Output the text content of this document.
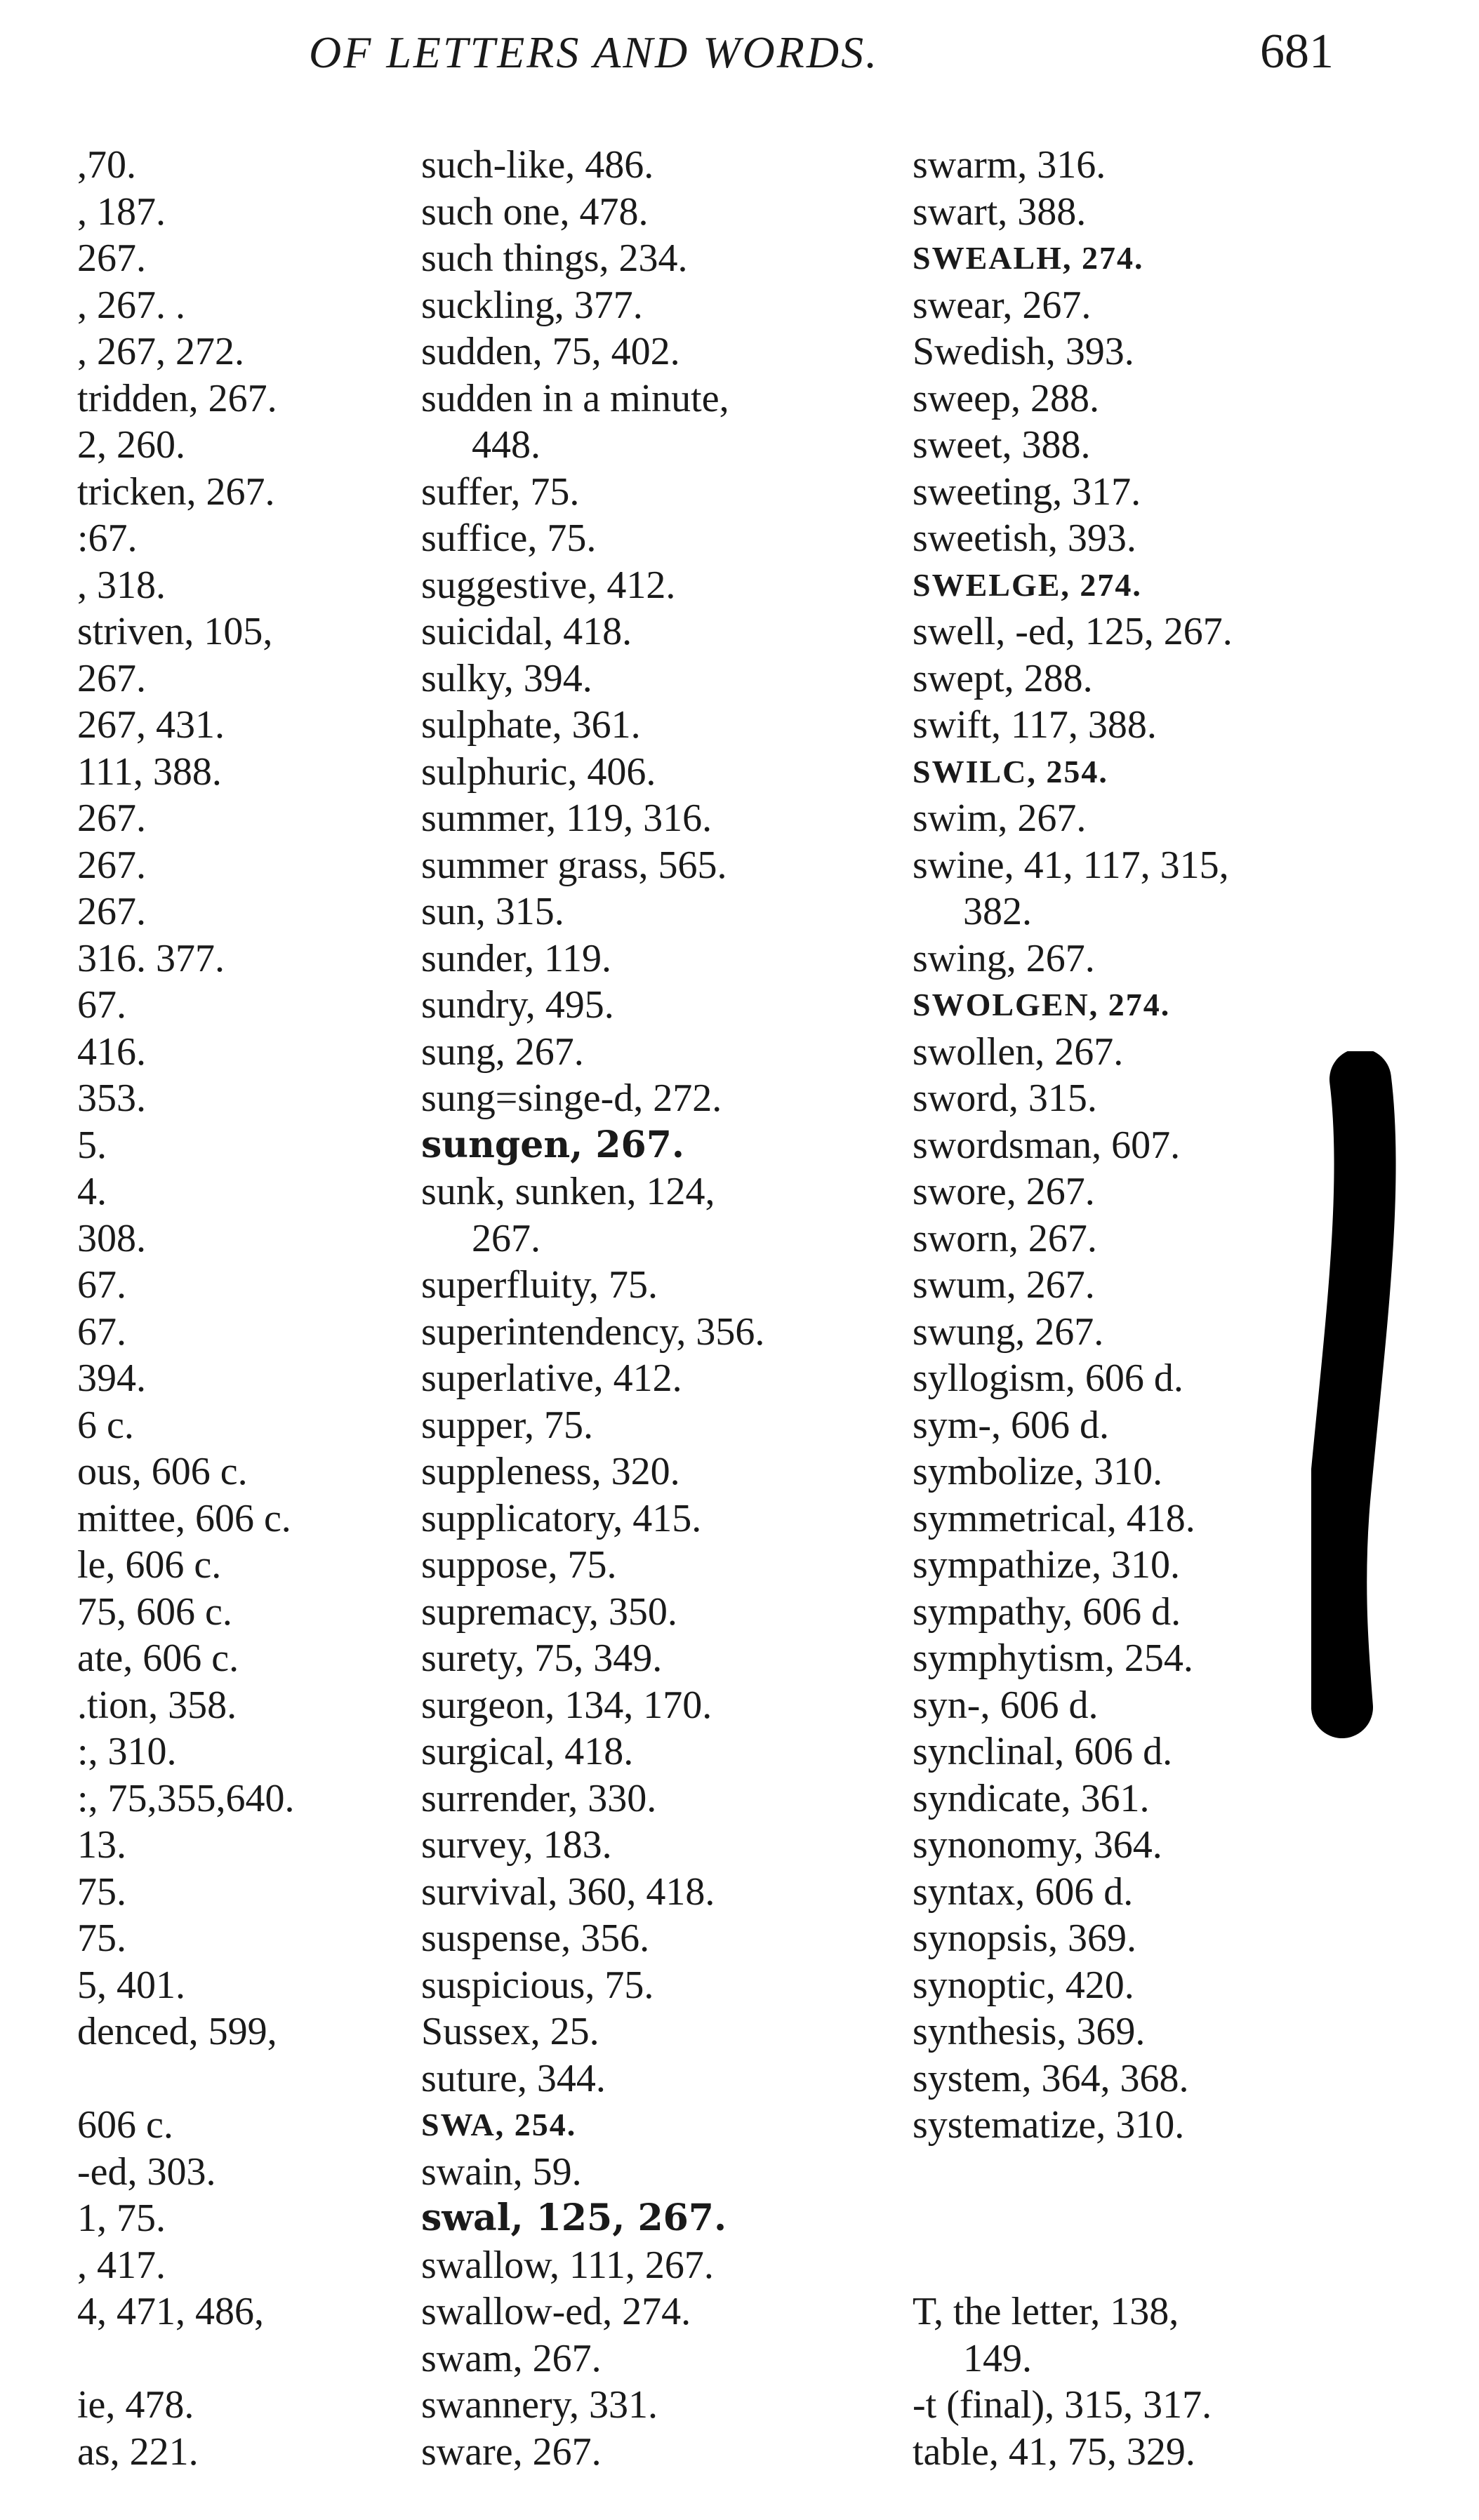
OF LETTERS AND WORDS.	681
,70.
, 187.
267.
, 267. .
, 267, 272.
tridden, 267.
2, 260.
tricken, 267.
:67.
, 318.
striven, 105,
267.
267, 431.
111, 388.
267.
267.
267.
316. 377.
67.
416.
353.
5.
4.
308.
67.
67.
394.
6 c.
ous, 606 c.
mittee, 606 c.
le, 606 c.
75, 606 c.
ate, 606 c.
.tion, 358.
:, 310.
:, 75,355,640.
13.
75.
75.
5, 401.
denced, 599,
606 c.
-ed, 303.
1, 75.
, 417.
4, 471, 486,
ie, 478.
as, 221.
such-like, 486.
such one, 478.
such things, 234.
suckling, 377.
sudden, 75, 402.
sudden in a minute,
448.
suffer, 75.
suffice, 75.
suggestive, 412.
suicidal, 418.
sulky, 394.
sulphate, 361.
sulphuric, 406.
summer, 119, 316.
summer grass, 565.
sun, 315.
sunder, 119.
sundry, 495.
sung, 267.
sung=singe-d, 272.
sungen, 267.
sunk, sunken, 124,
267.
superfluity, 75.
superintendency, 356.
superlative, 412.
supper, 75.
suppleness, 320.
supplicatory, 415.
suppose, 75.
supremacy, 350.
surety, 75, 349.
surgeon, 134, 170.
surgical, 418.
surrender, 330.
survey, 183.
survival, 360, 418.
suspense, 356.
suspicious, 75.
Sussex, 25.
suture, 344.
SWA, 254.
swain, 59.
swal, 125, 267.
swallow, 111, 267.
swallow-ed, 274.
swam, 267.
swannery, 331.
sware, 267.
swarm, 316.
swart, 388.
SWEALH, 274.
swear, 267.
Swedish, 393.
sweep, 288.
sweet, 388.
sweeting, 317.
sweetish, 393.
SWELGE, 274.
swell, -ed, 125, 267.
swept, 288.
swift, 117, 388.
SWILC, 254.
swim, 267.
swine, 41, 117, 315,
382.
swing, 267.
SWOLGEN, 274.
swollen, 267.
sword, 315.
swordsman, 607.
swore, 267.
sworn, 267.
swum, 267.
swung, 267.
syllogism, 606 d.
sym-, 606 d.
symbolize, 310.
symmetrical, 418.
sympathize, 310.
sympathy, 606 d.
symphytism, 254.
syn-, 606 d.
synclinal, 606 d.
syndicate, 361.
synonomy, 364.
syntax, 606 d.
synopsis, 369.
synoptic, 420.
synthesis, 369.
system, 364, 368.
systematize, 310.
T, the letter, 138,
149.
-t (final), 315, 317.
table, 41, 75, 329.
